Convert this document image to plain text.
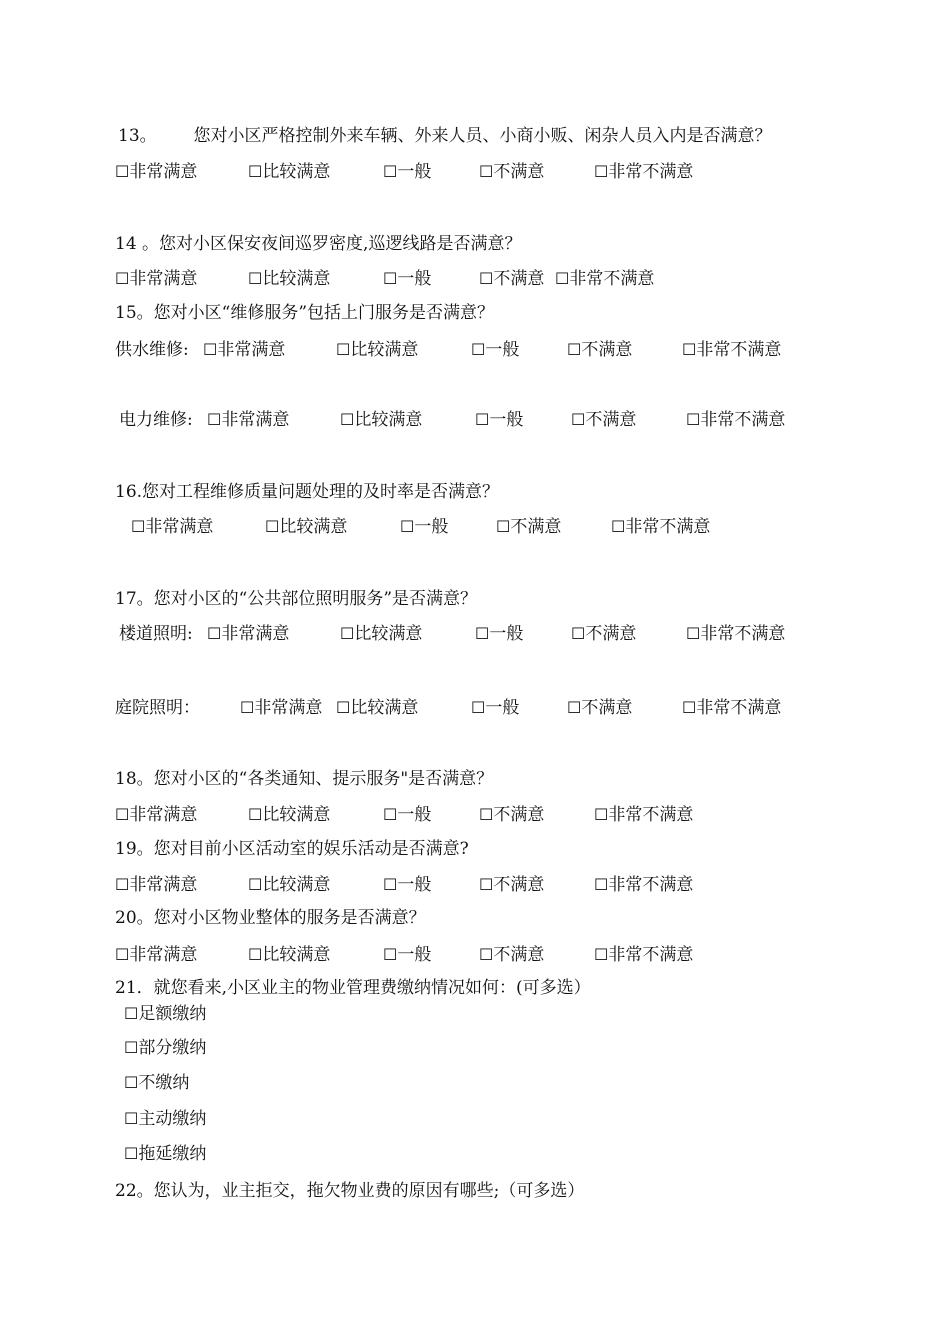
13。 您对小区严格控制外来车辆、外来人员、小商小贩、闲杂人员入内是否满意？
☐非常满意	☐比较满意	☐一般	☐不满意	☐非常不满意
14 。您对小区保安夜间巡罗密度,巡逻线路是否满意？
☐非常满意	☐比较满意	☐一般	☐不满意 ☐非常不满意
15。您对小区“维修服务”包括上门服务是否满意？
供水维修: ☐非常满意	☐比较满意	☐一般	☐不满意	☐非常不满意
电力维修: ☐非常满意	☐比较满意	☐一般	☐不满意	☐非常不满意
16.您对工程维修质量问题处理的及时率是否满意？
☐非常满意	☐比较满意	☐一般	☐不满意	☐非常不满意
17。您对小区的“公共部位照明服务”是否满意？
楼道照明: ☐非常满意	☐比较满意	☐一般	☐不满意	☐非常不满意
庭院照明：	☐非常满意 ☐比较满意	☐一般	☐不满意	☐非常不满意
18。您对小区的“各类通知、提示服务"是否满意？
☐非常满意	☐比较满意	☐一般	☐不满意	☐非常不满意
19。您对目前小区活动室的娱乐活动是否满意?
☐非常满意	☐比较满意	☐一般	☐不满意	☐非常不满意
20。您对小区物业整体的服务是否满意？
☐非常满意	☐比较满意	☐一般	☐不满意	☐非常不满意
21．就您看来,小区业主的物业管理费缴纳情况如何：(可多选）
☐足额缴纳
☐部分缴纳
☐不缴纳
☐主动缴纳
☐拖延缴纳
22。您认为，业主拒交，拖欠物业费的原因有哪些;（可多选）
